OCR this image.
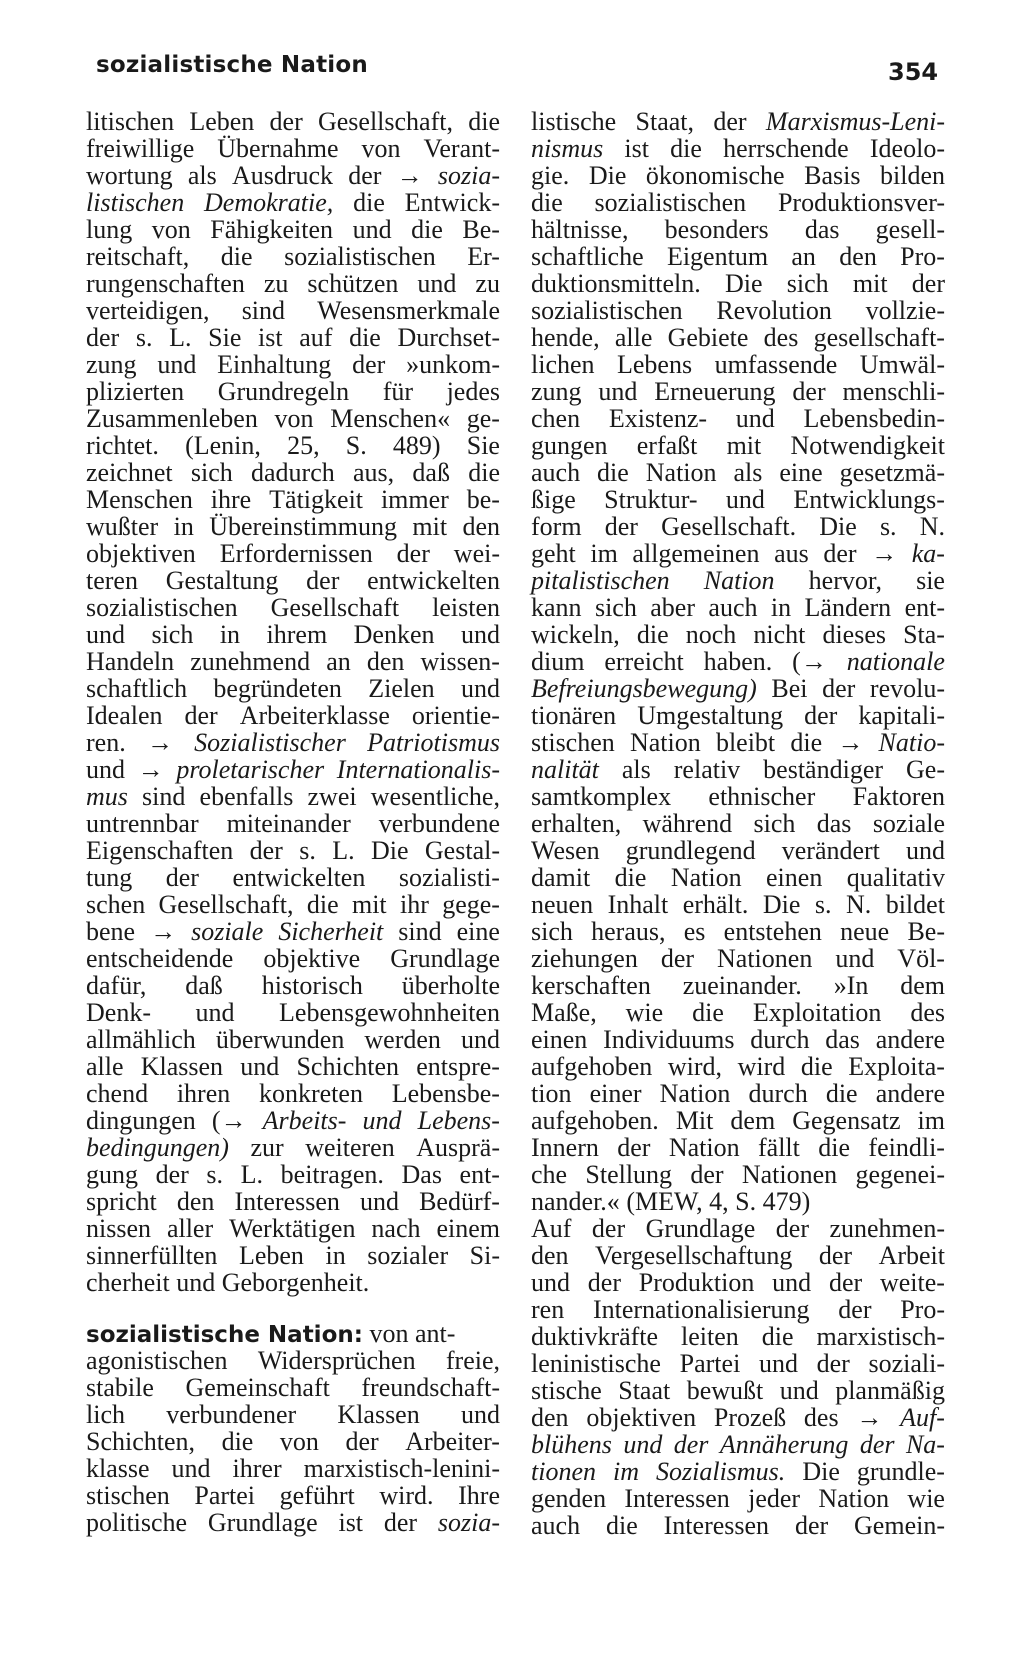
sozialistische Nation	354
litischen Leben der Gesellschaft, die
freiwillige Übernahme von Verant-
wortung als Ausdruck der → sozia-
listischen Demokratie, die Entwick-
lung von Fähigkeiten und die Be-
reitschaft, die sozialistischen Er-
rungenschaften zu schützen und zu
verteidigen, sind Wesensmerkmale
der s. L. Sie ist auf die Durchset-
zung und Einhaltung der »unkom-
plizierten Grundregeln für jedes
Zusammenleben von Menschen« ge-
richtet. (Lenin, 25, S. 489) Sie
zeichnet sich dadurch aus, daß die
Menschen ihre Tätigkeit immer be-
wußter in Übereinstimmung mit den
objektiven Erfordernissen der wei-
teren Gestaltung der entwickelten
sozialistischen Gesellschaft leisten
und sich in ihrem Denken und
Handeln zunehmend an den wissen-
schaftlich begründeten Zielen und
Idealen der Arbeiterklasse orientie-
ren. → Sozialistischer Patriotismus
und → proletarischer Internationalis-
mus sind ebenfalls zwei wesentliche,
untrennbar miteinander verbundene
Eigenschaften der s. L. Die Gestal-
tung der entwickelten sozialisti-
schen Gesellschaft, die mit ihr gege-
bene → soziale Sicherheit sind eine
entscheidende objektive Grundlage
dafür, daß historisch überholte
Denk- und Lebensgewohnheiten
allmählich überwunden werden und
alle Klassen und Schichten entspre-
chend ihren konkreten Lebensbe-
dingungen (→ Arbeits- und Lebens-
bedingungen) zur weiteren Ausprä-
gung der s. L. beitragen. Das ent-
spricht den Interessen und Bedürf-
nissen aller Werktätigen nach einem
sinnerfüllten Leben in sozialer Si-
cherheit und Geborgenheit.
sozialistische Nation: von ant-
agonistischen Widersprüchen freie,
stabile Gemeinschaft freundschaft-
lich verbundener Klassen und
Schichten, die von der Arbeiter-
klasse und ihrer marxistisch-lenini-
stischen Partei geführt wird. Ihre
politische Grundlage ist der sozia-
listische Staat, der Marxismus-Leni-
nismus ist die herrschende Ideolo-
gie. Die ökonomische Basis bilden
die sozialistischen Produktionsver-
hältnisse, besonders das gesell-
schaftliche Eigentum an den Pro-
duktionsmitteln. Die sich mit der
sozialistischen Revolution vollzie-
hende, alle Gebiete des gesellschaft-
lichen Lebens umfassende Umwäl-
zung und Erneuerung der menschli-
chen Existenz- und Lebensbedin-
gungen erfaßt mit Notwendigkeit
auch die Nation als eine gesetzmä-
ßige Struktur- und Entwicklungs-
form der Gesellschaft. Die s. N.
geht im allgemeinen aus der → ka-
pitalistischen Nation hervor, sie
kann sich aber auch in Ländern ent-
wickeln, die noch nicht dieses Sta-
dium erreicht haben. (→ nationale
Befreiungsbewegung) Bei der revolu-
tionären Umgestaltung der kapitali-
stischen Nation bleibt die → Natio-
nalität als relativ beständiger Ge-
samtkomplex ethnischer Faktoren
erhalten, während sich das soziale
Wesen grundlegend verändert und
damit die Nation einen qualitativ
neuen Inhalt erhält. Die s. N. bildet
sich heraus, es entstehen neue Be-
ziehungen der Nationen und Völ-
kerschaften zueinander. »In dem
Maße, wie die Exploitation des
einen Individuums durch das andere
aufgehoben wird, wird die Exploita-
tion einer Nation durch die andere
aufgehoben. Mit dem Gegensatz im
Innern der Nation fällt die feindli-
che Stellung der Nationen gegenei-
nander.« (MEW, 4, S. 479)
Auf der Grundlage der zunehmen-
den Vergesellschaftung der Arbeit
und der Produktion und der weite-
ren Internationalisierung der Pro-
duktivkräfte leiten die marxistisch-
leninistische Partei und der soziali-
stische Staat bewußt und planmäßig
den objektiven Prozeß des → Auf-
blühens und der Annäherung der Na-
tionen im Sozialismus. Die grundle-
genden Interessen jeder Nation wie
auch die Interessen der Gemein-
